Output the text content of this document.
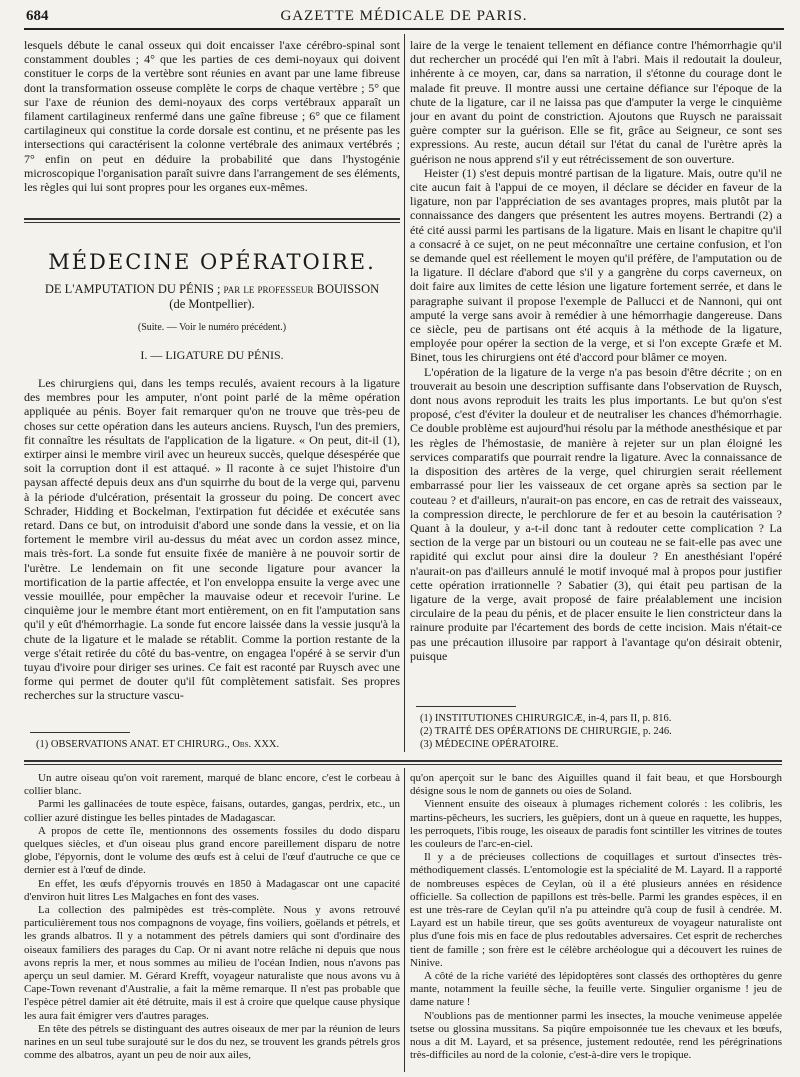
684	GAZETTE MÉDICALE DE PARIS.

lesquels débute le canal osseux qui doit encaisser l'axe cérébro-spinal sont constamment doubles ; 4° que les parties de ces demi-noyaux qui doivent constituer le corps de la vertèbre sont réunies en avant par une lame fibreuse dont la transformation osseuse complète le corps de chaque vertèbre ; 5° que sur l'axe de réunion des demi-noyaux des corps vertébraux apparaît un filament cartilagineux renfermé dans une gaîne fibreuse ; 6° que ce filament cartilagineux qui constitue la corde dorsale est continu, et ne présente pas les intersections qui caractérisent la colonne vertébrale des animaux vertébrés ; 7° enfin on peut en déduire la probabilité que dans l'hystogénie microscopique l'organisation paraît suivre dans l'arrangement de ses éléments, les règles qui lui sont propres pour les organes eux-mêmes.

MÉDECINE OPÉRATOIRE.
DE L'AMPUTATION DU PÉNIS ; par le professeur BOUISSON
(de Montpellier).
(Suite. — Voir le numéro précédent.)
I. — LIGATURE DU PÉNIS.

Les chirurgiens qui, dans les temps reculés, avaient recours à la ligature des membres pour les amputer, n'ont point parlé de la même opération appliquée au pénis. Boyer fait remarquer qu'on ne trouve que très-peu de choses sur cette opération dans les auteurs anciens. Ruysch, l'un des premiers, fit connaître les résultats de l'application de la ligature. « On peut, dit-il (1), extirper ainsi le membre viril avec un heureux succès, quelque désespérée que soit la corruption dont il est attaqué. » Il raconte à ce sujet l'histoire d'un paysan affecté depuis deux ans d'un squirrhe du bout de la verge qui, parvenu à la période d'ulcération, présentait la grosseur du poing. De concert avec Schrader, Hidding et Bockelman, l'extirpation fut décidée et exécutée sans retard. Dans ce but, on introduisit d'abord une sonde dans la vessie, et on lia fortement le membre viril au-dessus du méat avec un cordon assez mince, mais très-fort. La sonde fut ensuite fixée de manière à ne pouvoir sortir de l'urètre. Le lendemain on fit une seconde ligature pour avancer la mortification de la partie affectée, et l'on enveloppa ensuite la verge avec une vessie mouillée, pour empêcher la mauvaise odeur et recevoir l'urine. Le cinquième jour le membre étant mort entièrement, on en fit l'amputation sans qu'il y eût d'hémorrhagie. La sonde fut encore laissée dans la vessie jusqu'à la chute de la ligature et le malade se rétablit. Comme la portion restante de la verge s'était retirée du côté du bas-ventre, on engagea l'opéré à se servir d'un tuyau d'ivoire pour diriger ses urines. Ce fait est raconté par Ruysch avec une forme qui permet de douter qu'il fût complètement satisfait. Ses propres recherches sur la structure vascu-

laire de la verge le tenaient tellement en défiance contre l'hémorrhagie qu'il dut rechercher un procédé qui l'en mît à l'abri. Mais il redoutait la douleur, inhérente à ce moyen, car, dans sa narration, il s'étonne du courage dont le malade fit preuve. Il montre aussi une certaine défiance sur l'époque de la chute de la ligature, car il ne laissa pas que d'amputer la verge le cinquième jour en avant du point de constriction. Ajoutons que Ruysch ne paraissait guère compter sur la guérison. Elle se fit, grâce au Seigneur, ce sont ses expressions. Au reste, aucun détail sur l'état du canal de l'urètre après la guérison ne nous apprend s'il y eut rétrécissement de son ouverture.

Heister (1) s'est depuis montré partisan de la ligature. Mais, outre qu'il ne cite aucun fait à l'appui de ce moyen, il déclare se décider en faveur de la ligature, non par l'appréciation de ses avantages propres, mais plutôt par la connaissance des dangers que présentent les autres moyens. Bertrandi (2) a été cité aussi parmi les partisans de la ligature. Mais en lisant le chapitre qu'il a consacré à ce sujet, on ne peut méconnaître une certaine confusion, et l'on se demande quel est réellement le moyen qu'il préfère, de l'amputation ou de la ligature. Il déclare d'abord que s'il y a gangrène du corps caverneux, on doit faire aux limites de cette lésion une ligature fortement serrée, et dans le paragraphe suivant il propose l'exemple de Pallucci et de Nannoni, qui ont amputé la verge sans avoir à remédier à une hémorrhagie dangereuse. Dans ce siècle, peu de partisans ont été acquis à la méthode de la ligature, employée pour opérer la section de la verge, et si l'on excepte Græfe et M. Binet, tous les chirurgiens ont été d'accord pour blâmer ce moyen.

L'opération de la ligature de la verge n'a pas besoin d'être décrite ; on en trouverait au besoin une description suffisante dans l'observation de Ruysch, dont nous avons reproduit les traits les plus importants. Le but qu'on s'est proposé, c'est d'éviter la douleur et de neutraliser les chances d'hémorrhagie. Ce double problème est aujourd'hui résolu par la méthode anesthésique et par les règles de l'hémostasie, de manière à rejeter sur un plan éloigné les services comparatifs que pourrait rendre la ligature. Avec la connaissance de la disposition des artères de la verge, quel chirurgien serait réellement embarrassé pour lier les vaisseaux de cet organe après sa section par le couteau ? et d'ailleurs, n'aurait-on pas encore, en cas de retrait des vaisseaux, la compression directe, le perchlorure de fer et au besoin la cautérisation ? Quant à la douleur, y a-t-il donc tant à redouter cette complication ? La section de la verge par un bistouri ou un couteau ne se fait-elle pas avec une rapidité qui exclut pour ainsi dire la douleur ? En anesthésiant l'opéré n'aurait-on pas d'ailleurs annulé le motif invoqué mal à propos pour justifier cette opération irrationnelle ? Sabatier (3), qui était peu partisan de la ligature de la verge, avait proposé de faire préalablement une incision circulaire de la peau du pénis, et de placer ensuite le lien constricteur dans la rainure produite par l'écartement des bords de cette incision. Mais n'était-ce pas une précaution illusoire par rapport à l'avantage qu'on désirait obtenir, puisque

(1) OBSERVATIONS ANAT. ET CHIRURG., Obs. XXX.
(1) INSTITUTIONES CHIRURGICÆ, in-4, pars II, p. 816.
(2) TRAITÉ DES OPÉRATIONS DE CHIRURGIE, p. 246.
(3) MÉDECINE OPÉRATOIRE.

Un autre oiseau qu'on voit rarement, marqué de blanc encore, c'est le corbeau à collier blanc.

Parmi les gallinacées de toute espèce, faisans, outardes, gangas, perdrix, etc., un collier azuré distingue les belles pintades de Madagascar.

A propos de cette île, mentionnons des ossements fossiles du dodo disparu quelques siècles, et d'un oiseau plus grand encore pareillement disparu de notre globe, l'épyornis, dont le volume des œufs est à celui de l'œuf d'autruche ce que ce dernier est à l'œuf de dinde.

En effet, les œufs d'épyornis trouvés en 1850 à Madagascar ont une capacité d'environ huit litres Les Malgaches en font des vases.

La collection des palmipèdes est très-complète. Nous y avons retrouvé particulièrement tous nos compagnons de voyage, fins voiliers, goëlands et pétrels, et les grands albatros. Il y a notamment des pétrels damiers qui sont d'ordinaire des oiseaux familiers des parages du Cap. Or ni avant notre relâche ni depuis que nous avons repris la mer, et nous sommes au milieu de l'océan Indien, nous n'avons pas aperçu un seul damier. M. Gérard Krefft, voyageur naturaliste que nous avons vu à Cape-Town revenant d'Australie, a fait la même remarque. Il n'est pas probable que l'espèce pétrel damier ait été détruite, mais il est à croire que quelque cause physique les aura fait émigrer vers d'autres parages.

En tête des pétrels se distinguant des autres oiseaux de mer par la réunion de leurs narines en un seul tube surajouté sur le dos du nez, se trouvent les grands pétrels gros comme des albatros, ayant un peu de noir aux ailes,

qu'on aperçoit sur le banc des Aiguilles quand il fait beau, et que Horsbourgh désigne sous le nom de gannets ou oies de Soland.

Viennent ensuite des oiseaux à plumages richement colorés : les colibris, les martins-pêcheurs, les sucriers, les guêpiers, dont un à queue en raquette, les huppes, les perroquets, l'ibis rouge, les oiseaux de paradis font scintiller les vitrines de toutes les couleurs de l'arc-en-ciel.

Il y a de précieuses collections de coquillages et surtout d'insectes très-méthodiquement classés. L'entomologie est la spécialité de M. Layard. Il a rapporté de nombreuses espèces de Ceylan, où il a été plusieurs années en résidence officielle. Sa collection de papillons est très-belle. Parmi les grandes espèces, il en est une très-rare de Ceylan qu'il n'a pu atteindre qu'à coup de fusil à cendrée. M. Layard est un habile tireur, que ses goûts aventureux de voyageur naturaliste ont plus d'une fois mis en face de plus redoutables adversaires. Cet esprit de recherches tient de famille ; son frère est le célèbre archéologue qui a découvert les ruines de Ninive.

A côté de la riche variété des lépidoptères sont classés des orthoptères du genre mante, notamment la feuille sèche, la feuille verte. Singulier organisme ! jeu de dame nature !

N'oublions pas de mentionner parmi les insectes, la mouche venimeuse appelée tsetse ou glossina mussitans. Sa piqûre empoisonnée tue les chevaux et les bœufs, nous a dit M. Layard, et sa présence, justement redoutée, rend les pérégrinations très-difficiles au nord de la colonie, c'est-à-dire vers le tropique.
